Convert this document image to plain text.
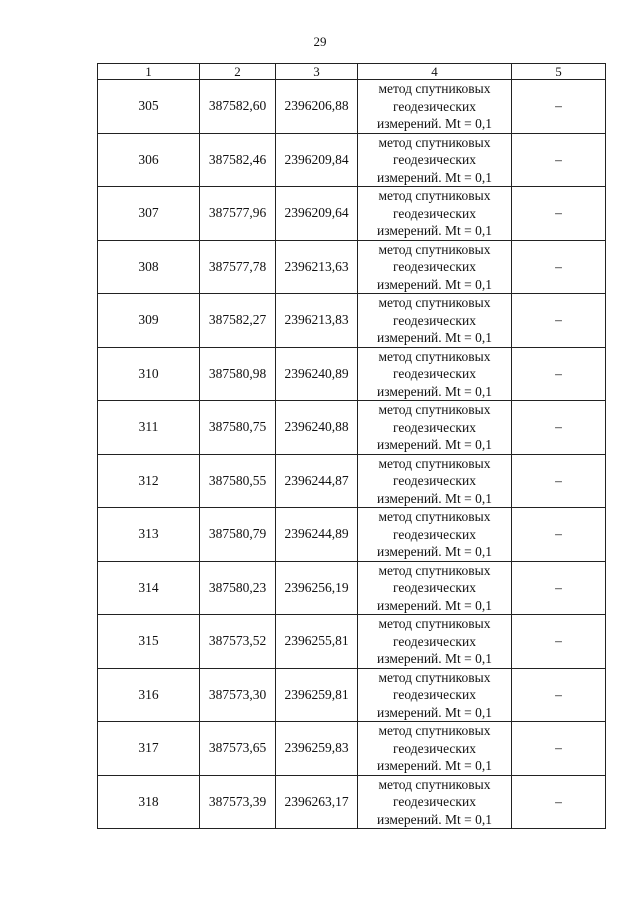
29
1	2	3	4	5
305	387582,60	2396206,88	метод спутниковых
геодезических
измерений. Mt = 0,1	–
306	387582,46	2396209,84	метод спутниковых
геодезических
измерений. Mt = 0,1	–
307	387577,96	2396209,64	метод спутниковых
геодезических
измерений. Mt = 0,1	–
308	387577,78	2396213,63	метод спутниковых
геодезических
измерений. Mt = 0,1	–
309	387582,27	2396213,83	метод спутниковых
геодезических
измерений. Mt = 0,1	–
310	387580,98	2396240,89	метод спутниковых
геодезических
измерений. Mt = 0,1	–
311	387580,75	2396240,88	метод спутниковых
геодезических
измерений. Mt = 0,1	–
312	387580,55	2396244,87	метод спутниковых
геодезических
измерений. Mt = 0,1	–
313	387580,79	2396244,89	метод спутниковых
геодезических
измерений. Mt = 0,1	–
314	387580,23	2396256,19	метод спутниковых
геодезических
измерений. Mt = 0,1	–
315	387573,52	2396255,81	метод спутниковых
геодезических
измерений. Mt = 0,1	–
316	387573,30	2396259,81	метод спутниковых
геодезических
измерений. Mt = 0,1	–
317	387573,65	2396259,83	метод спутниковых
геодезических
измерений. Mt = 0,1	–
318	387573,39	2396263,17	метод спутниковых
геодезических
измерений. Mt = 0,1	–
